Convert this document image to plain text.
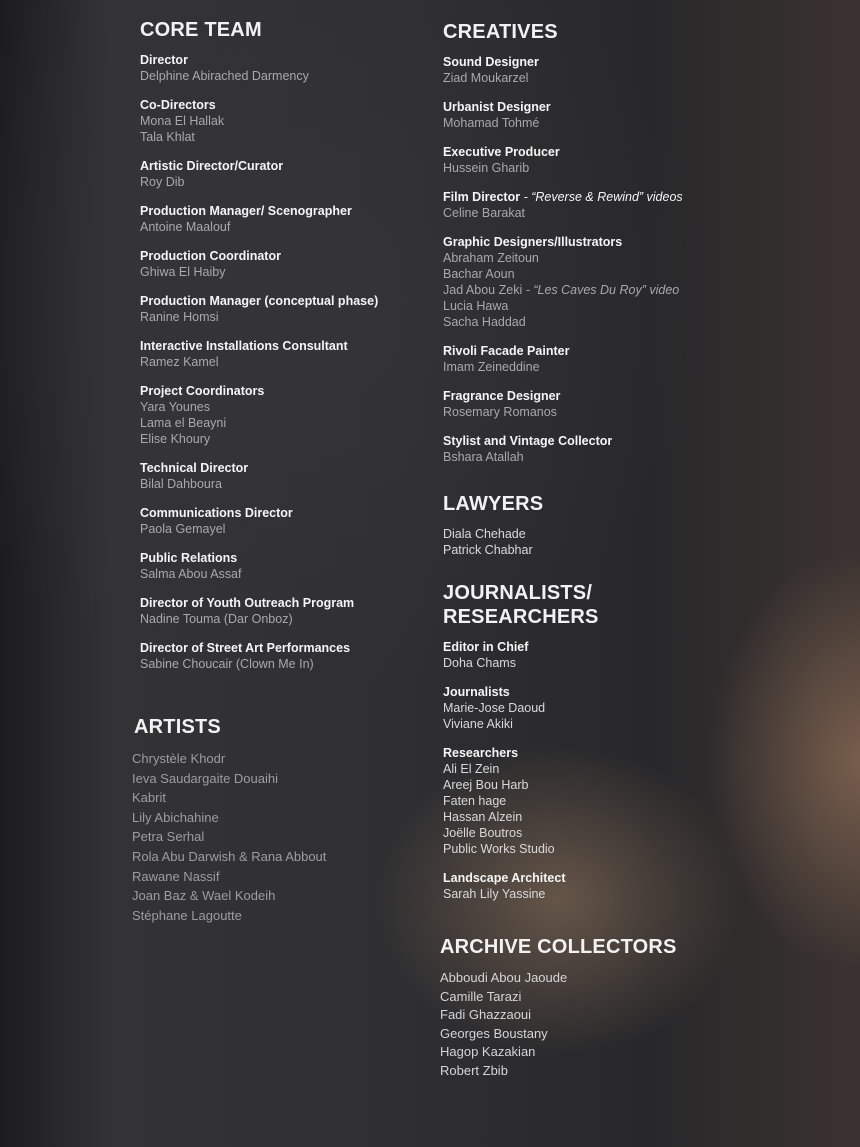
CORE TEAM
Director
Delphine Abirached Darmency
Co-Directors
Mona El Hallak
Tala Khlat
Artistic Director/Curator
Roy Dib
Production Manager/ Scenographer
Antoine Maalouf
Production Coordinator
Ghiwa El Haiby
Production Manager (conceptual phase)
Ranine Homsi
Interactive Installations Consultant
Ramez Kamel
Project Coordinators
Yara Younes
Lama el Beayni
Elise Khoury
Technical Director
Bilal Dahboura
Communications Director
Paola Gemayel
Public Relations
Salma Abou Assaf
Director of Youth Outreach Program
Nadine Touma (Dar Onboz)
Director of Street Art Performances
Sabine Choucair (Clown Me In)
ARTISTS
Chrystèle Khodr
Ieva Saudargaite Douaihi
Kabrit
Lily Abichahine
Petra Serhal
Rola Abu Darwish & Rana Abbout
Rawane Nassif
Joan Baz & Wael Kodeih
Stéphane Lagoutte
CREATIVES
Sound Designer
Ziad Moukarzel
Urbanist Designer
Mohamad Tohmé
Executive Producer
Hussein Gharib
Film Director - “Reverse & Rewind” videos
Celine Barakat
Graphic Designers/Illustrators
Abraham Zeitoun
Bachar Aoun
Jad Abou Zeki - “Les Caves Du Roy” video
Lucia Hawa
Sacha Haddad
Rivoli Facade Painter
Imam Zeineddine
Fragrance Designer
Rosemary Romanos
Stylist and Vintage Collector
Bshara Atallah
LAWYERS
Diala Chehade
Patrick Chabhar
JOURNALISTS/
RESEARCHERS
Editor in Chief
Doha Chams
Journalists
Marie-Jose Daoud
Viviane Akiki
Researchers
Ali El Zein
Areej Bou Harb
Faten hage
Hassan Alzein
Joëlle Boutros
Public Works Studio
Landscape Architect
Sarah Lily Yassine
ARCHIVE COLLECTORS
Abboudi Abou Jaoude
Camille Tarazi
Fadi Ghazzaoui
Georges Boustany
Hagop Kazakian
Robert Zbib
